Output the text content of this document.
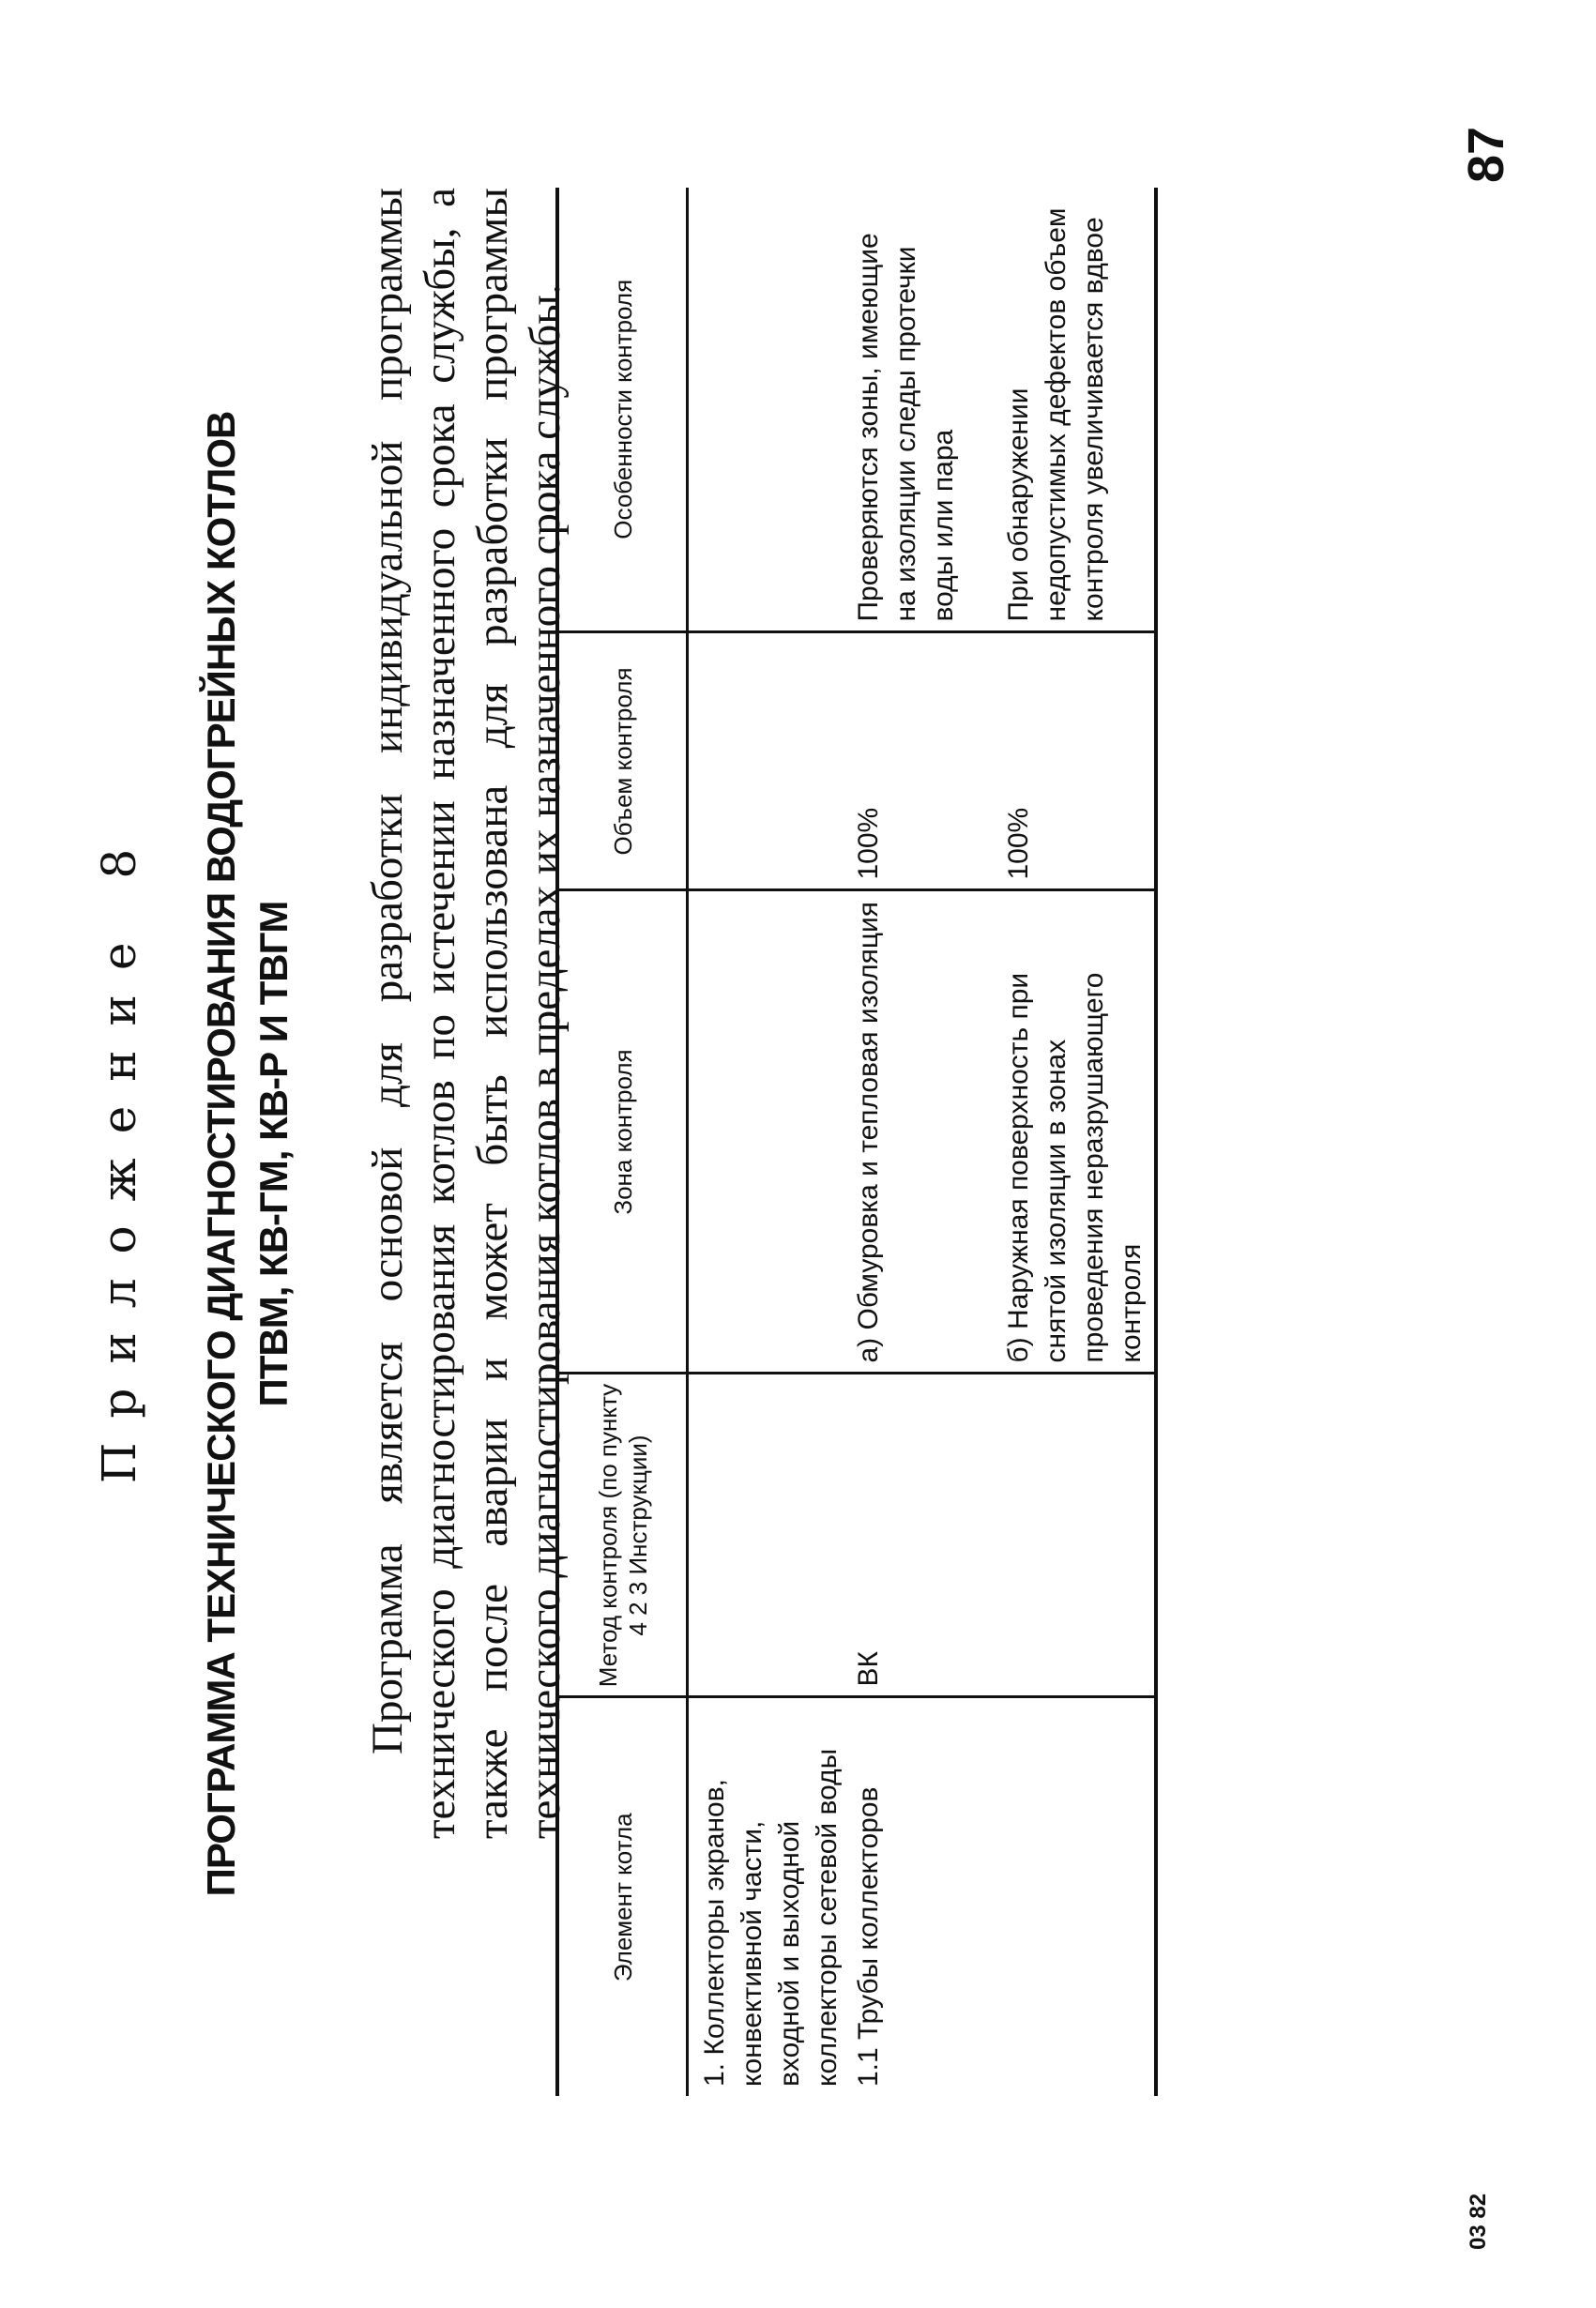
Приложение 8 ПРОГРАММА ТЕХНИЧЕСКОГО ДИАГНОСТИРОВАНИЯ ВОДОГРЕЙНЫХ КОТЛОВ ПТВМ, КВ-ГМ, КВ-Р И ТВГМ Программа является основой для разработки индивидуальной программы технического диагностирования котлов по истечении назначенного срока службы, а также после аварии и может быть использована для разработки программы технического диагностирования котлов в пределах их назначенного срока службы.

Элемент котла	Метод контроля (по пункту 4 2 3 Инструкции)	Зона контроля	Объем контроля	Особенности контроля
1. Коллекторы экранов, конвективной части, входной и выходной коллекторы сетевой воды				
1.1 Трубы коллекторов	ВК	а) Обмуровка и тепловая изоляция	100%	Проверяются зоны, имеющие на изоляции следы протечки воды или пара
		б) Наружная поверхность при снятой изоляции в зонах проведения неразрушающего контроля	100%	При обнаружении недопустимых дефектов объем контроля увеличивается вдвое
03 82
87
